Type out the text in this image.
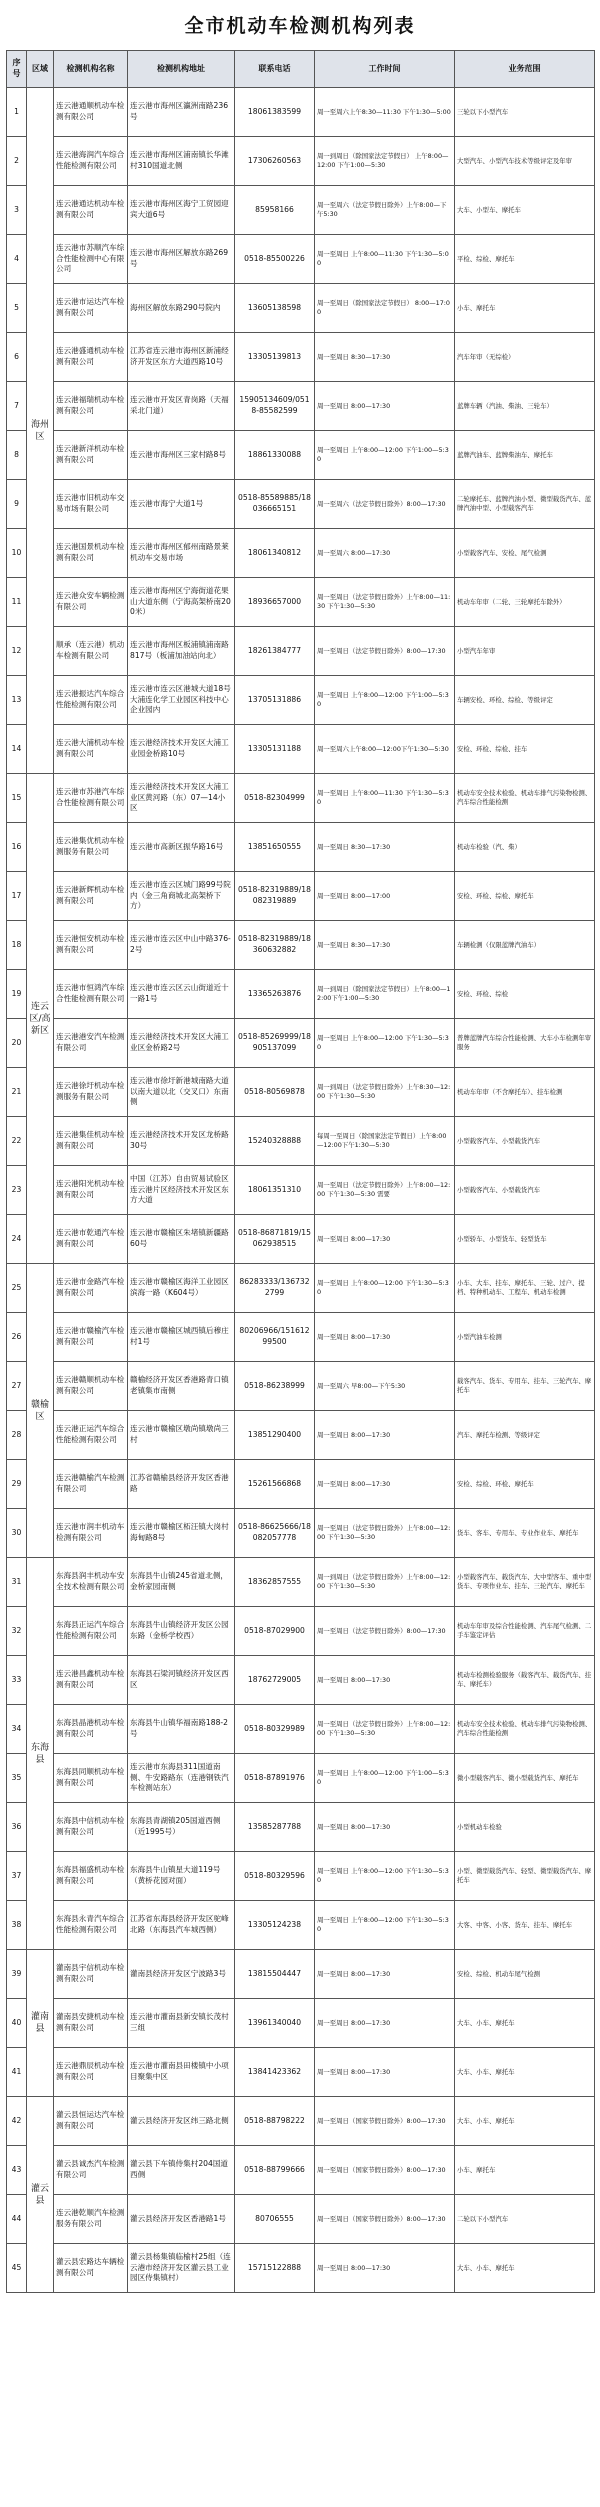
全市机动车检测机构列表
序号	区域	检测机构名称	检测机构地址	联系电话	工作时间	业务范围
1	海州区	连云港通顺机动车检测有限公司	连云港市海州区瀛洲南路236号	18061383599	周一至周六上午8:30—11:30 下午1:30—5:00	三轮以下小型汽车
2		连云港海润汽车综合性能检测有限公司	连云港市海州区浦南镇长华滩村310国道北侧	17306260563	周一到周日（除国家法定节假日） 上午8:00—12:00 下午1:00—5:30	大型汽车、小型汽车技术等级评定及年审
3		连云港通达机动车检测有限公司	连云港市海州区海宁工贸园迎宾大道6号	85958166	周一至周六（法定节假日除外）上午8:00—下午5:30	大车、小型车、摩托车
4		连云港市苏顺汽车综合性能检测中心有限公司	连云港市海州区解放东路269号	0518-85500226	周一至周日 上午8:00—11:30 下午1:30—5:00	平检、综检、摩托车
5		连云港市运达汽车检测有限公司	海州区解放东路290号院内	13605138598	周一至周日（除国家法定节假日） 8:00—17:00	小车、摩托车
6		连云港盛通机动车检测有限公司	江苏省连云港市海州区新浦经济开发区东方大道西路10号	13305139813	周一至周日 8:30—17:30	汽车年审（无综检）
7		连云港福瑞机动车检测有限公司	连云港市开发区青岗路（天福采北门道）	15905134609/0518-85582599	周一至周日 8:00—17:30	蓝牌车辆（汽油、柴油、三轮车）
8		连云港新洋机动车检测有限公司	连云港市海州区三家村路8号	18861330088	周一至周日 上午8:00—12:00 下午1:00—5:30	蓝牌汽油车、蓝牌柴油车、摩托车
9		连云港市旧机动车交易市场有限公司	连云港市海宁大道1号	0518-85589885/18036665151	周一至周六（法定节假日除外）8:00—17:30	二轮摩托车、蓝牌汽油小型、微型载货汽车、蓝牌汽油中型、小型载客汽车
10		连云港国景机动车检测有限公司	连云港市海州区郁州南路景莱机动车交易市场	18061340812	周一至周六 8:00—17:30	小型载客汽车、安检、尾气检测
11		连云港众安车辆检测有限公司	连云港市海州区宁海街道花果山大道东侧（宁海高架桥南200米）	18936657000	周一至周日（法定节假日除外）上午8:00—11:30 下午1:30—5:30	机动车年审（二轮、三轮摩托车除外）
12		顺承（连云港）机动车检测有限公司	连云港市海州区板浦镇浦南路817号（板浦加油站向北）	18261384777	周一至周日（法定节假日除外）8:00—17:30	小型汽车年审
13		连云港振达汽车综合性能检测有限公司	连云港市连云区港城大道18号大浦连化学工业园区科技中心企业园内	13705131886	周一至周日 上午8:00—12:00 下午1:00—5:30	车辆安检、环检、综检、等级评定
14		连云港大浦机动车检测有限公司	连云港经济技术开发区大浦工业园金桥路10号	13305131188	周一至周六上午8:00—12:00下午1:30—5:30	安检、环检、综检、挂车
15	连云区/高新区	连云港市苏港汽车综合性能检测有限公司	连云港经济技术开发区大浦工业区黄河路（东）07—14小区	0518-82304999	周一至周日 上午8:00—11:30 下午1:30—5:30	机动车安全技术检验、机动车排气污染物检测、汽车综合性能检测
16		连云港集优机动车检测服务有限公司	连云港市高新区振华路16号	13851650555	周一至周日 8:30—17:30	机动车检验（汽、柴）
17		连云港新辉机动车检测有限公司	连云港市连云区城门路99号院内（金三角商城北高架桥下方）	0518-82319889/18082319889	周一至周日 8:00—17:00	安检、环检、综检、摩托车
18		连云港恒安机动车检测有限公司	连云港市连云区中山中路376-2号	0518-82319889/18360632882	周一至周日 8:30—17:30	车辆检测（仅限蓝牌汽油车）
19		连云港市恒鸿汽车综合性能检测有限公司	连云港市连云区云山街道近十一路1号	13365263876	周一到周日（除国家法定节假日）上午8:00—12:00下午1:00—5:30	安检、环检、综检
20		连云港港安汽车检测有限公司	连云港经济技术开发区大浦工业区金桥路2号	0518-85269999/18905137099	周一至周日 上午8:00—12:00 下午1:30—5:30	普牌蓝牌汽车综合性能检测、大车小车检测年审服务
21		连云港徐圩机动车检测服务有限公司	连云港市徐圩新港城南路大道以南大道以北（交叉口）东南侧	0518-80569878	周一到周日（法定节假日除外）上午8:30—12:00 下午1:30—5:30	机动车年审（不含摩托车）、挂车检测
22		连云港集佳机动车检测有限公司	连云港经济技术开发区龙桥路30号	15240328888	每周一至周日（除国家法定节假日）上午8:00—12:00下午1:30—5:30	小型载客汽车、小型载货汽车
23		连云港阳光机动车检测有限公司	中国（江苏）自由贸易试验区连云港片区经济技术开发区东方大道	18061351310	周一至周日（法定节假日除外）上午8:00—12:00 下午1:30—5:30 需要	小型载客汽车、小型载货汽车
24		连云港市乾通汽车检测有限公司	连云港市赣榆区朱堵镇新疆路60号	0518-86871819/15062938515	周一至周日 8:00—17:30	小型轿车、小型货车、轻型货车
25	赣榆区	连云港市金路汽车检测有限公司	连云港市赣榆区海洋工业园区滨海一路（K604号）	86283333/1367322799	周一至周日 上午8:00—12:00 下午1:30—5:30	小车、大车、挂车、摩托车、三轮、过户、提档、特种机动车、工程车、机动车检测
26		连云港市赣榆汽车检测有限公司	连云港市赣榆区城西镇后穆庄村1号	80206966/15161299500	周一至周日 8:00—17:30	小型汽油车检测
27		连云港赣顺机动车检测有限公司	赣榆经济开发区香港路青口镇老镇集市南侧	0518-86238999	周一至周六 早8:00—下午5:30	载客汽车、货车、专用车、挂车、三轮汽车、摩托车
28		连云港正运汽车综合性能检测有限公司	连云港市赣榆区墩尚镇墩尚三村	13851290400	周一至周日 8:00—17:30	汽车、摩托车检测、等级评定
29		连云港赣榆汽车检测有限公司	江苏省赣榆县经济开发区香港路	15261566868	周一至周日 8:00—17:30	安检、综检、环检、摩托车
30		连云港市润丰机动车检测有限公司	连云港市赣榆区柘汪镇大岗村海甸路8号	0518-86625666/18082057778	周一至周日（法定节假日除外）上午8:00—12:00 下午1:30—5:30	货车、客车、专用车、专业作业车、摩托车
31	东海县	东海县润丰机动车安全技术检测有限公司	东海县牛山镇245省道北侧，金桥家园南侧	18362857555	周一到周日（法定节假日除外）上午8:00—12:00 下午1:30—5:30	小型载客汽车、载货汽车、大中型客车、重中型货车、专项作业车、挂车、三轮汽车、摩托车
32		东海县正运汽车综合性能检测有限公司	东海县牛山镇经济开发区公园东路（金桥学校西）	0518-87029900	周一至周日（法定节假日除外）8:00—17:30	机动车年审及综合性能检测、汽车尾气检测、二手车鉴定评估
33		连云港昌鑫机动车检测有限公司	东海县石梁河镇经济开发区西区	18762729005	周一至周日 8:00—17:30	机动车检测检验服务（载客汽车、载货汽车、挂车、摩托车）
34		东海县晶港机动车检测有限公司	东海县牛山镇华福南路188-2号	0518-80329989	周一至周日（法定节假日除外）上午8:00—12:00 下午1:30—5:30	机动车安全技术检验、机动车排气污染物检测、汽车综合性能检测
35		东海县同顺机动车检测有限公司	连云港市东海县311国道南侧、牛安路路东（连港钢铁汽车检测站东）	0518-87891976	周一至周日 上午8:00—12:00 下午1:00—5:30	微小型载客汽车、微小型载货汽车、摩托车
36		东海县中信机动车检测有限公司	东海县青湖镇205国道西侧（近1995号）	13585287788	周一至周日 8:00—17:30	小型机动车检验
37		东海县福盛机动车检测有限公司	东海县牛山镇星大道119号（黄桥花园对面）	0518-80329596	周一至周日 上午8:00—12:00 下午1:30—5:30	小型、微型载货汽车、轻型、微型载货汽车、摩托车
38		东海县永青汽车综合性能检测有限公司	江苏省东海县经济开发区驼峰北路（东海县汽车城西侧）	13305124238	周一至周日 上午8:00—12:00 下午1:30—5:30	大客、中客、小客、货车、挂车、摩托车
39	灌南县	灌南县宇信机动车检测有限公司	灌南县经济开发区宁波路3号	13815504447	周一至周日 8:00—17:30	安检、综检、机动车尾气检测
40		灌南县安捷机动车检测有限公司	连云港市灌南县新安镇长茂村三组	13961340040	周一至周日 8:00—17:30	大车、小车、摩托车
41		连云港鼎辰机动车检测有限公司	连云港市灌南县田楼镇中小项目聚集中区	13841423362	周一至周日 8:00—17:30	大车、小车、摩托车
42	灌云县	灌云县恒运达汽车检测有限公司	灌云县经济开发区纬三路北侧	0518-88798222	周一至周日（国家节假日除外）8:00—17:30	大车、小车、摩托车
43		灌云县诚杰汽车检测有限公司	灌云县下车镇侍集村204国道西侧	0518-88799666	周一至周日（国家节假日除外）8:00—17:30	小车、摩托车
44		连云港乾顺汽车检测服务有限公司	灌云县经济开发区香港路1号	80706555	周一至周日（国家节假日除外）8:00—17:30	二轮以下小型汽车
45		灌云县宏路达车辆检测有限公司	灌云县杨集镇临榆村25组（连云港市经济开发区灌云县工业园区侍集镇村）	15715122888	周一至周日 8:00—17:30	大车、小车、摩托车
